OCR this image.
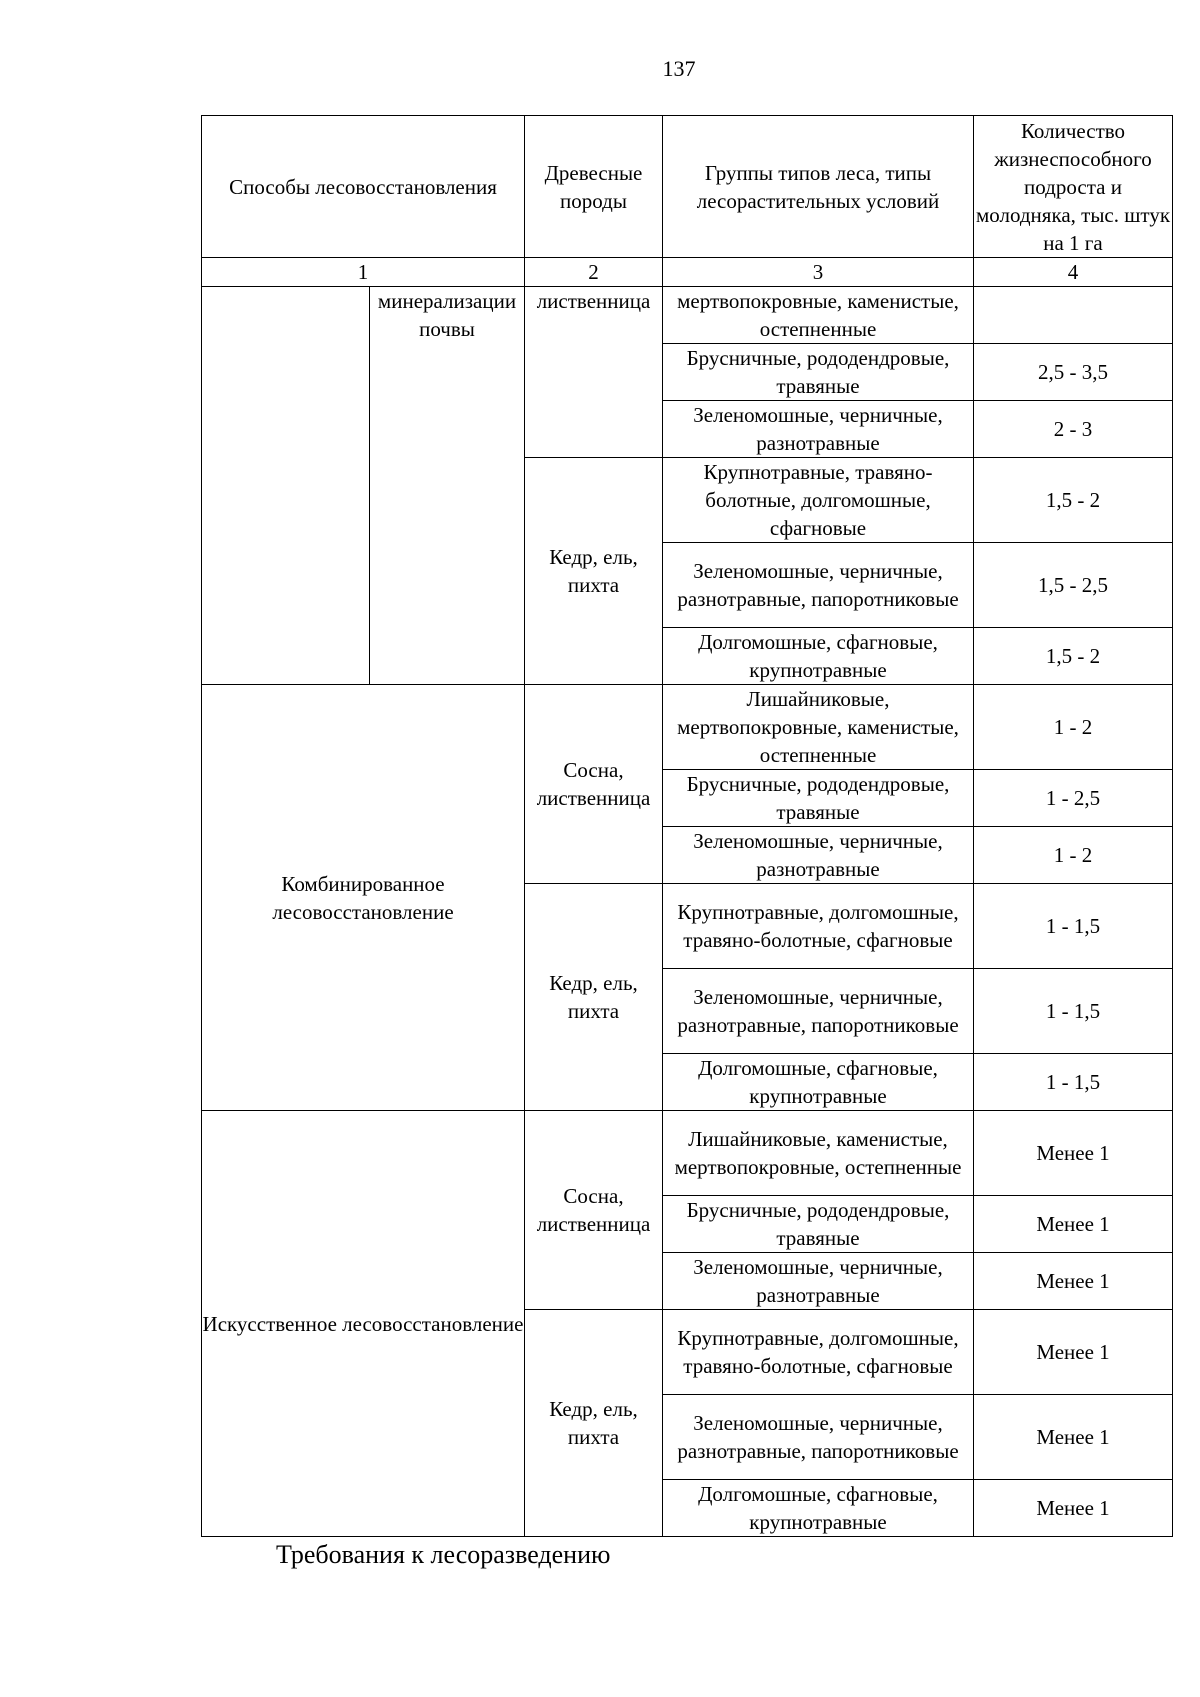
137
Способы лесовосстановления		Древесные породы	Группы типов леса, типы лесорастительных условий	Количество жизнеспособного подроста и молодняка, тыс. штук на 1 га
1		2	3	4
	минерализации почвы	лиственница	мертвопокровные, каменистые, остепненные	
			Брусничные, рододендровые, травяные	2,5 - 3,5
			Зеленомошные, черничные, разнотравные	2 - 3
		Кедр, ель, пихта	Крупнотравные, травяно-болотные, долгомошные, сфагновые	1,5 - 2
			Зеленомошные, черничные, разнотравные, папоротниковые	1,5 - 2,5
			Долгомошные, сфагновые, крупнотравные	1,5 - 2
Комбинированное лесовосстановление		Сосна, лиственница	Лишайниковые, мертвопокровные, каменистые, остепненные	1 - 2
			Брусничные, рододендровые, травяные	1 - 2,5
			Зеленомошные, черничные, разнотравные	1 - 2
		Кедр, ель, пихта	Крупнотравные, долгомошные, травяно-болотные, сфагновые	1 - 1,5
			Зеленомошные, черничные, разнотравные, папоротниковые	1 - 1,5
			Долгомошные, сфагновые, крупнотравные	1 - 1,5
Искусственное лесовосстановление		Сосна, лиственница	Лишайниковые, каменистые, мертвопокровные, остепненные	Менее 1
			Брусничные, рододендровые, травяные	Менее 1
			Зеленомошные, черничные, разнотравные	Менее 1
		Кедр, ель, пихта	Крупнотравные, долгомошные, травяно-болотные, сфагновые	Менее 1
			Зеленомошные, черничные, разнотравные, папоротниковые	Менее 1
			Долгомошные, сфагновые, крупнотравные	Менее 1
Требования к лесоразведению
